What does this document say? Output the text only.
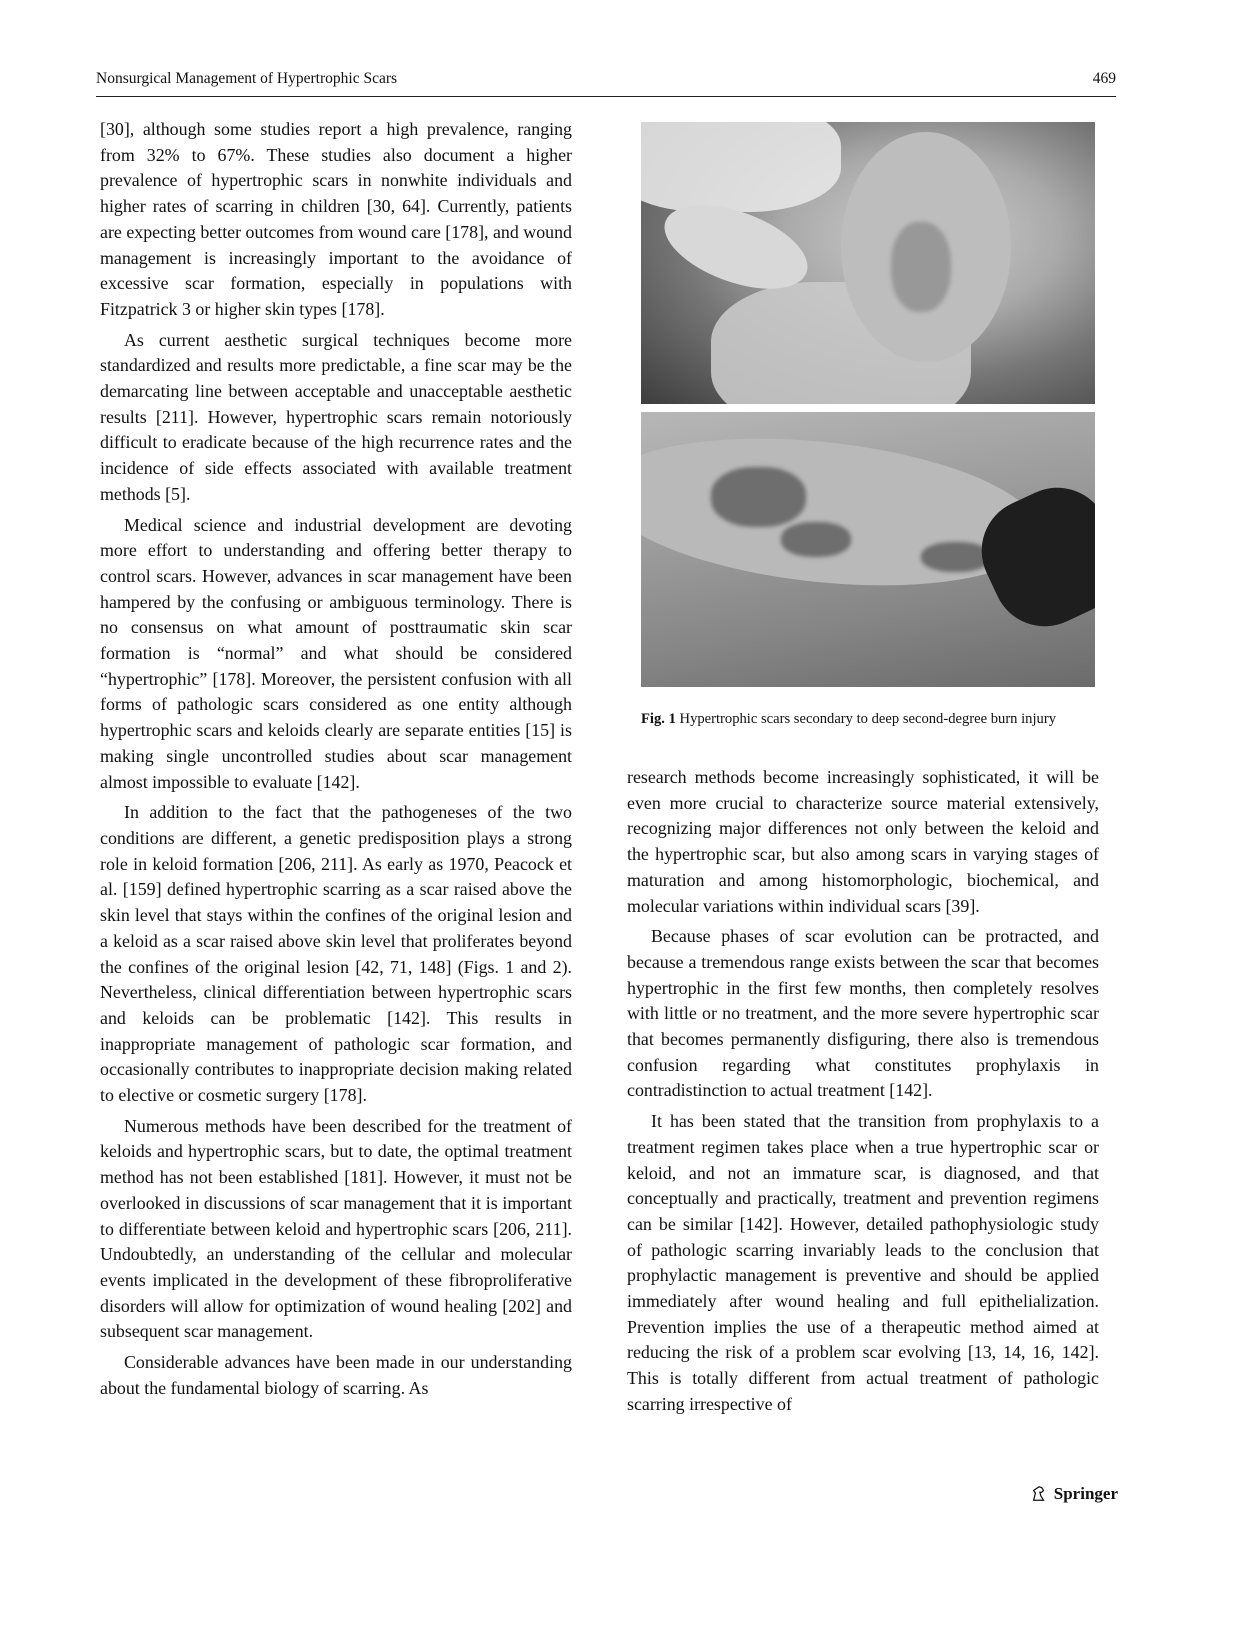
Nonsurgical Management of Hypertrophic Scars	469

[30], although some studies report a high prevalence, ranging from 32% to 67%. These studies also document a higher prevalence of hypertrophic scars in nonwhite individuals and higher rates of scarring in children [30, 64]. Currently, patients are expecting better outcomes from wound care [178], and wound management is increasingly important to the avoidance of excessive scar formation, especially in populations with Fitzpatrick 3 or higher skin types [178].

As current aesthetic surgical techniques become more standardized and results more predictable, a fine scar may be the demarcating line between acceptable and unacceptable aesthetic results [211]. However, hypertrophic scars remain notoriously difficult to eradicate because of the high recurrence rates and the incidence of side effects associated with available treatment methods [5].

Medical science and industrial development are devoting more effort to understanding and offering better therapy to control scars. However, advances in scar management have been hampered by the confusing or ambiguous terminology. There is no consensus on what amount of posttraumatic skin scar formation is “normal” and what should be considered “hypertrophic” [178]. Moreover, the persistent confusion with all forms of pathologic scars considered as one entity although hypertrophic scars and keloids clearly are separate entities [15] is making single uncontrolled studies about scar management almost impossible to evaluate [142].

In addition to the fact that the pathogeneses of the two conditions are different, a genetic predisposition plays a strong role in keloid formation [206, 211]. As early as 1970, Peacock et al. [159] defined hypertrophic scarring as a scar raised above the skin level that stays within the confines of the original lesion and a keloid as a scar raised above skin level that proliferates beyond the confines of the original lesion [42, 71, 148] (Figs. 1 and 2). Nevertheless, clinical differentiation between hypertrophic scars and keloids can be problematic [142]. This results in inappropriate management of pathologic scar formation, and occasionally contributes to inappropriate decision making related to elective or cosmetic surgery [178].

Numerous methods have been described for the treatment of keloids and hypertrophic scars, but to date, the optimal treatment method has not been established [181]. However, it must not be overlooked in discussions of scar management that it is important to differentiate between keloid and hypertrophic scars [206, 211]. Undoubtedly, an understanding of the cellular and molecular events implicated in the development of these fibroproliferative disorders will allow for optimization of wound healing [202] and subsequent scar management.

Considerable advances have been made in our understanding about the fundamental biology of scarring. As

Fig. 1 Hypertrophic scars secondary to deep second-degree burn injury

research methods become increasingly sophisticated, it will be even more crucial to characterize source material extensively, recognizing major differences not only between the keloid and the hypertrophic scar, but also among scars in varying stages of maturation and among histomorphologic, biochemical, and molecular variations within individual scars [39].

Because phases of scar evolution can be protracted, and because a tremendous range exists between the scar that becomes hypertrophic in the first few months, then completely resolves with little or no treatment, and the more severe hypertrophic scar that becomes permanently disfiguring, there also is tremendous confusion regarding what constitutes prophylaxis in contradistinction to actual treatment [142].

It has been stated that the transition from prophylaxis to a treatment regimen takes place when a true hypertrophic scar or keloid, and not an immature scar, is diagnosed, and that conceptually and practically, treatment and prevention regimens can be similar [142]. However, detailed pathophysiologic study of pathologic scarring invariably leads to the conclusion that prophylactic management is preventive and should be applied immediately after wound healing and full epithelialization. Prevention implies the use of a therapeutic method aimed at reducing the risk of a problem scar evolving [13, 14, 16, 142]. This is totally different from actual treatment of pathologic scarring irrespective of

Springer
